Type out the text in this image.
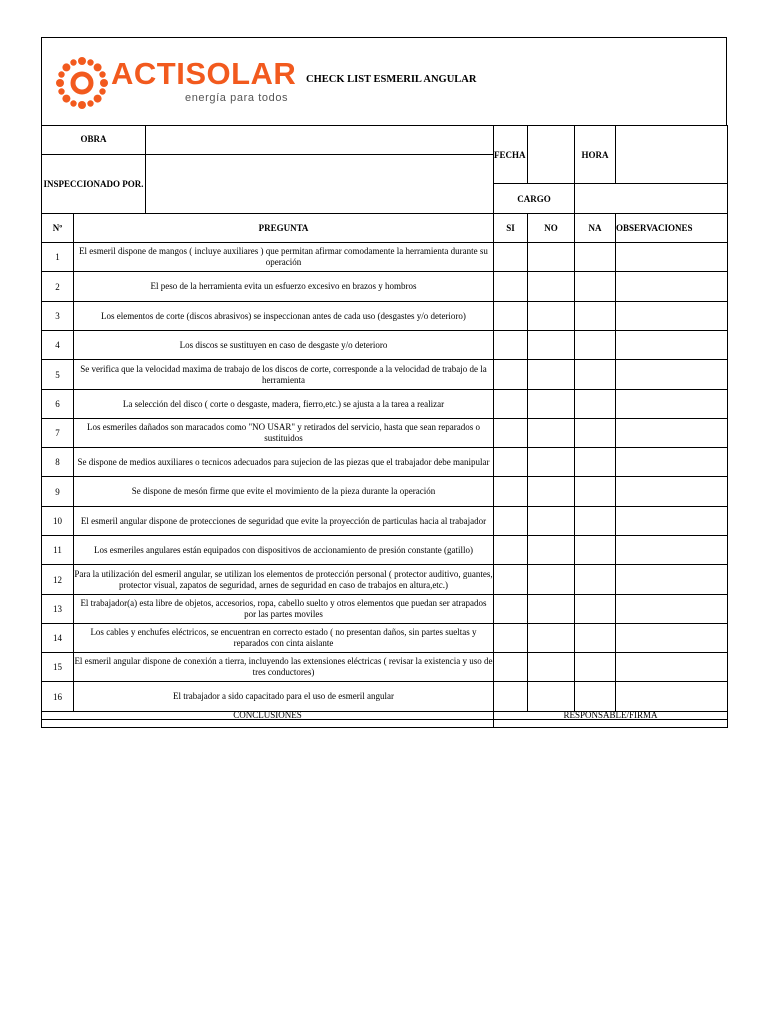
ACTISOLAR
energía para todos
CHECK LIST ESMERIL ANGULAR
OBRA			FECHA		HORA	
INSPECCIONADO POR.						
			CARGO			
Nº	PREGUNTA		SI	NO	NA	OBSERVACIONES
1	El esmeril dispone de mangos ( incluye auxiliares ) que permitan afirmar comodamente la herramienta durante su operación					
2	El peso de la herramienta evita un esfuerzo excesivo en brazos y hombros					
3	Los elementos de corte (discos abrasivos) se inspeccionan antes de cada uso (desgastes y/o deterioro)					
4	Los discos se sustituyen en caso de desgaste y/o deterioro					
5	Se verifica que la velocidad maxima de trabajo de los discos de corte, corresponde a la velocidad de trabajo de la herramienta					
6	La selección del disco ( corte o desgaste, madera, fierro,etc.) se ajusta a la tarea a realizar					
7	Los esmeriles dañados son maracados como "NO USAR" y retirados del servicio, hasta que sean reparados o sustituidos					
8	Se dispone de medios auxiliares o tecnicos adecuados para sujecion de las piezas que el trabajador debe manipular					
9	Se dispone de mesón firme que evite el movimiento de la pieza durante la operación					
10	El esmeril angular dispone de protecciones de seguridad que evite la proyección de particulas hacia al trabajador					
11	Los esmeriles angulares están equipados con dispositivos de accionamiento de presión constante (gatillo)					
12	Para la utilización del esmeril angular, se utilizan los elementos de protección personal ( protector auditivo, guantes, protector visual, zapatos de seguridad, arnes de seguridad en caso de trabajos en altura,etc.)					
13	El trabajador(a) esta libre de objetos, accesorios, ropa, cabello suelto y otros elementos que puedan ser atrapados por las partes moviles					
14	Los cables y enchufes eléctricos, se encuentran en correcto estado ( no presentan daños, sin partes sueltas y reparados con cinta aislante					
15	El esmeril angular dispone de conexión a tierra, incluyendo las extensiones eléctricas ( revisar la existencia y uso de tres conductores)					
16	El trabajador a sido capacitado para el uso de esmeril angular					
CONCLUSIONES			RESPONSABLE/FIRMA			
